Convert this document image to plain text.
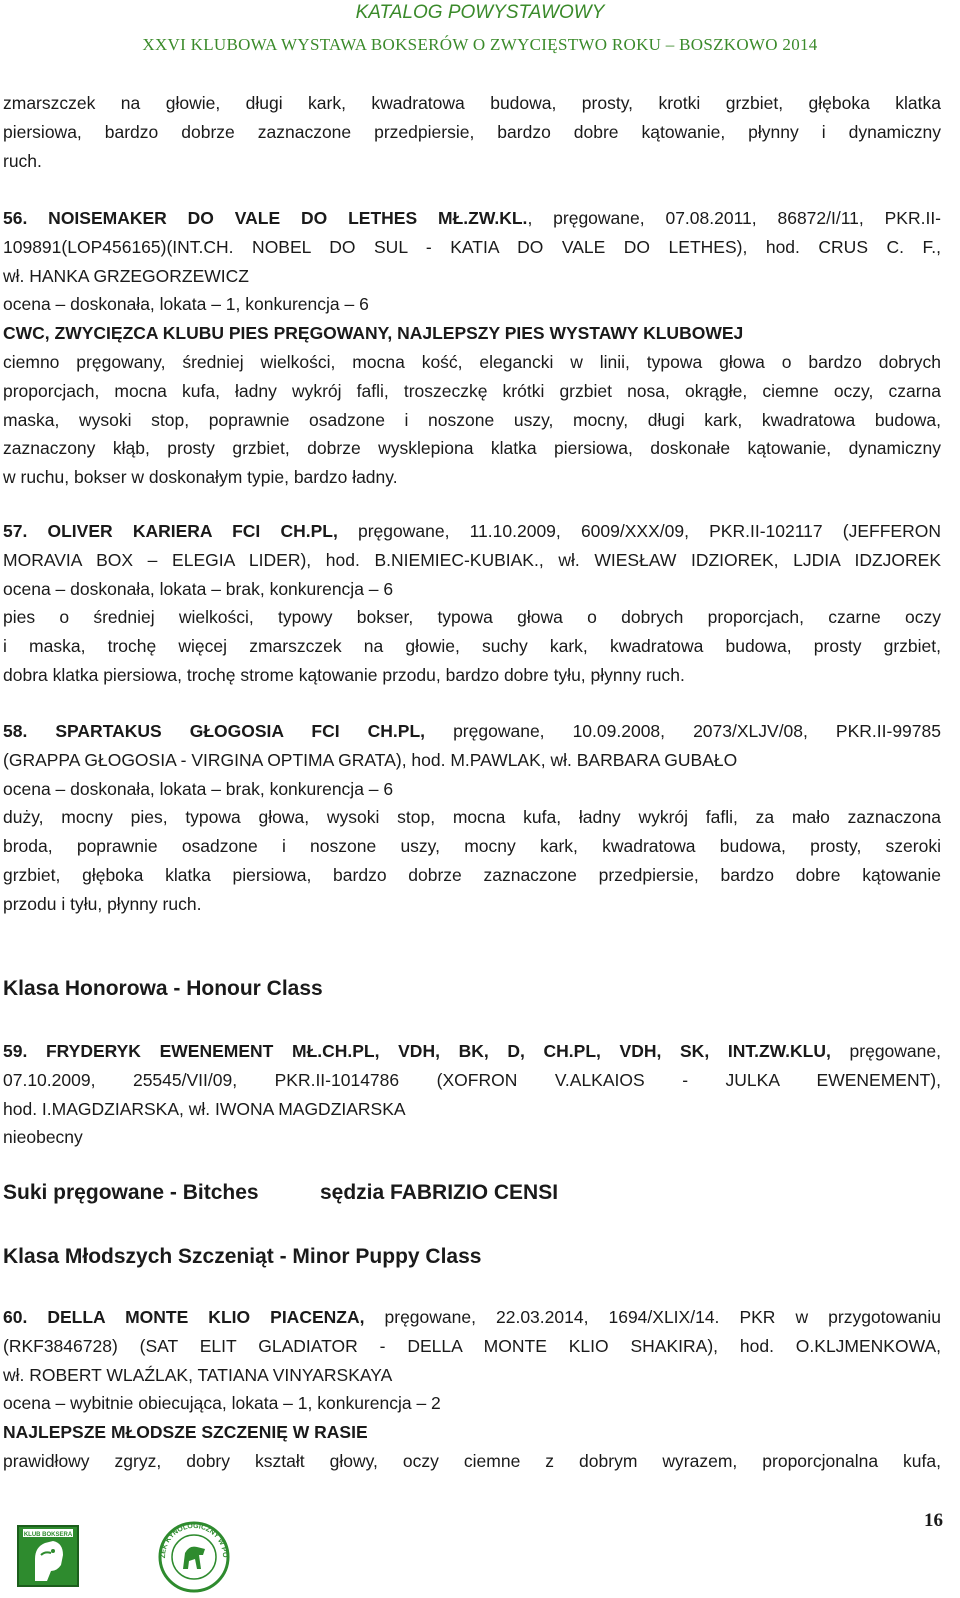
KATALOG POWYSTAWOWY
XXVI KLUBOWA WYSTAWA BOKSERÓW O ZWYCIĘSTWO ROKU – BOSZKOWO 2014
zmarszczek na głowie, długi kark, kwadratowa budowa, prosty, krotki grzbiet, głęboka klatka
piersiowa, bardzo dobrze zaznaczone przedpiersie, bardzo dobre kątowanie, płynny i dynamiczny
ruch.
56. NOISEMAKER DO VALE DO LETHES MŁ.ZW.KL., pręgowane, 07.08.2011, 86872/I/11, PKR.II-
109891(LOP456165)(INT.CH. NOBEL DO SUL - KATIA DO VALE DO LETHES), hod. CRUS C. F.,
wł. HANKA GRZEGORZEWICZ
ocena – doskonała, lokata – 1, konkurencja – 6
CWC, ZWYCIĘZCA KLUBU PIES PRĘGOWANY, NAJLEPSZY PIES WYSTAWY KLUBOWEJ
ciemno pręgowany, średniej wielkości, mocna kość, elegancki w linii, typowa głowa o bardzo dobrych
proporcjach, mocna kufa, ładny wykrój fafli, troszeczkę krótki grzbiet nosa, okrągłe, ciemne oczy, czarna
maska, wysoki stop, poprawnie osadzone i noszone uszy, mocny, długi kark, kwadratowa budowa,
zaznaczony kłąb, prosty grzbiet, dobrze wysklepiona klatka piersiowa, doskonałe kątowanie, dynamiczny
w ruchu, bokser w doskonałym typie, bardzo ładny.
57. OLIVER KARIERA FCI CH.PL, pręgowane, 11.10.2009, 6009/XXX/09, PKR.II-102117 (JEFFERON
MORAVIA BOX – ELEGIA LIDER), hod. B.NIEMIEC-KUBIAK., wł. WIESŁAW IDZIOREK, LJDIA IDZJOREK
ocena – doskonała, lokata – brak, konkurencja – 6
pies o średniej wielkości, typowy bokser, typowa głowa o dobrych proporcjach, czarne oczy
i maska, trochę więcej zmarszczek na głowie, suchy kark, kwadratowa budowa, prosty grzbiet,
dobra klatka piersiowa, trochę strome kątowanie przodu, bardzo dobre tyłu, płynny ruch.
58. SPARTAKUS GŁOGOSIA FCI CH.PL, pręgowane, 10.09.2008, 2073/XLJV/08, PKR.II-99785
(GRAPPA GŁOGOSIA - VIRGINA OPTIMA GRATA), hod. M.PAWLAK, wł. BARBARA GUBAŁO
ocena – doskonała, lokata – brak, konkurencja – 6
duży, mocny pies, typowa głowa, wysoki stop, mocna kufa, ładny wykrój fafli, za mało zaznaczona
broda, poprawnie osadzone i noszone uszy, mocny kark, kwadratowa budowa, prosty, szeroki
grzbiet, głęboka klatka piersiowa, bardzo dobrze zaznaczone przedpiersie, bardzo dobre kątowanie
przodu i tyłu, płynny ruch.
Klasa Honorowa - Honour Class
59. FRYDERYK EWENEMENT MŁ.CH.PL, VDH, BK, D, CH.PL, VDH, SK, INT.ZW.KLU, pręgowane,
07.10.2009, 25545/VII/09, PKR.II-1014786 (XOFRON V.ALKAIOS - JULKA EWENEMENT),
hod. I.MAGDZIARSKA, wł. IWONA MAGDZIARSKA
nieobecny
Suki pręgowane - Bitches	sędzia FABRIZIO CENSI
Klasa Młodszych Szczeniąt - Minor Puppy Class
60. DELLA MONTE KLIO PIACENZA, pręgowane, 22.03.2014, 1694/XLIX/14. PKR w przygotowaniu
(RKF3846728) (SAT ELIT GLADIATOR - DELLA MONTE KLIO SHAKIRA), hod. O.KLJMENKOWA,
wł. ROBERT WLAŹLAK, TATIANA VINYARSKAYA
ocena – wybitnie obiecująca, lokata – 1, konkurencja – 2
NAJLEPSZE MŁODSZE SZCZENIĘ W RASIE
prawidłowy zgryz, dobry kształt głowy, oczy ciemne z dobrym wyrazem, proporcjonalna kufa,
16
KLUB BOKSERA
ZEK KYNOLOGICZNY W PO
